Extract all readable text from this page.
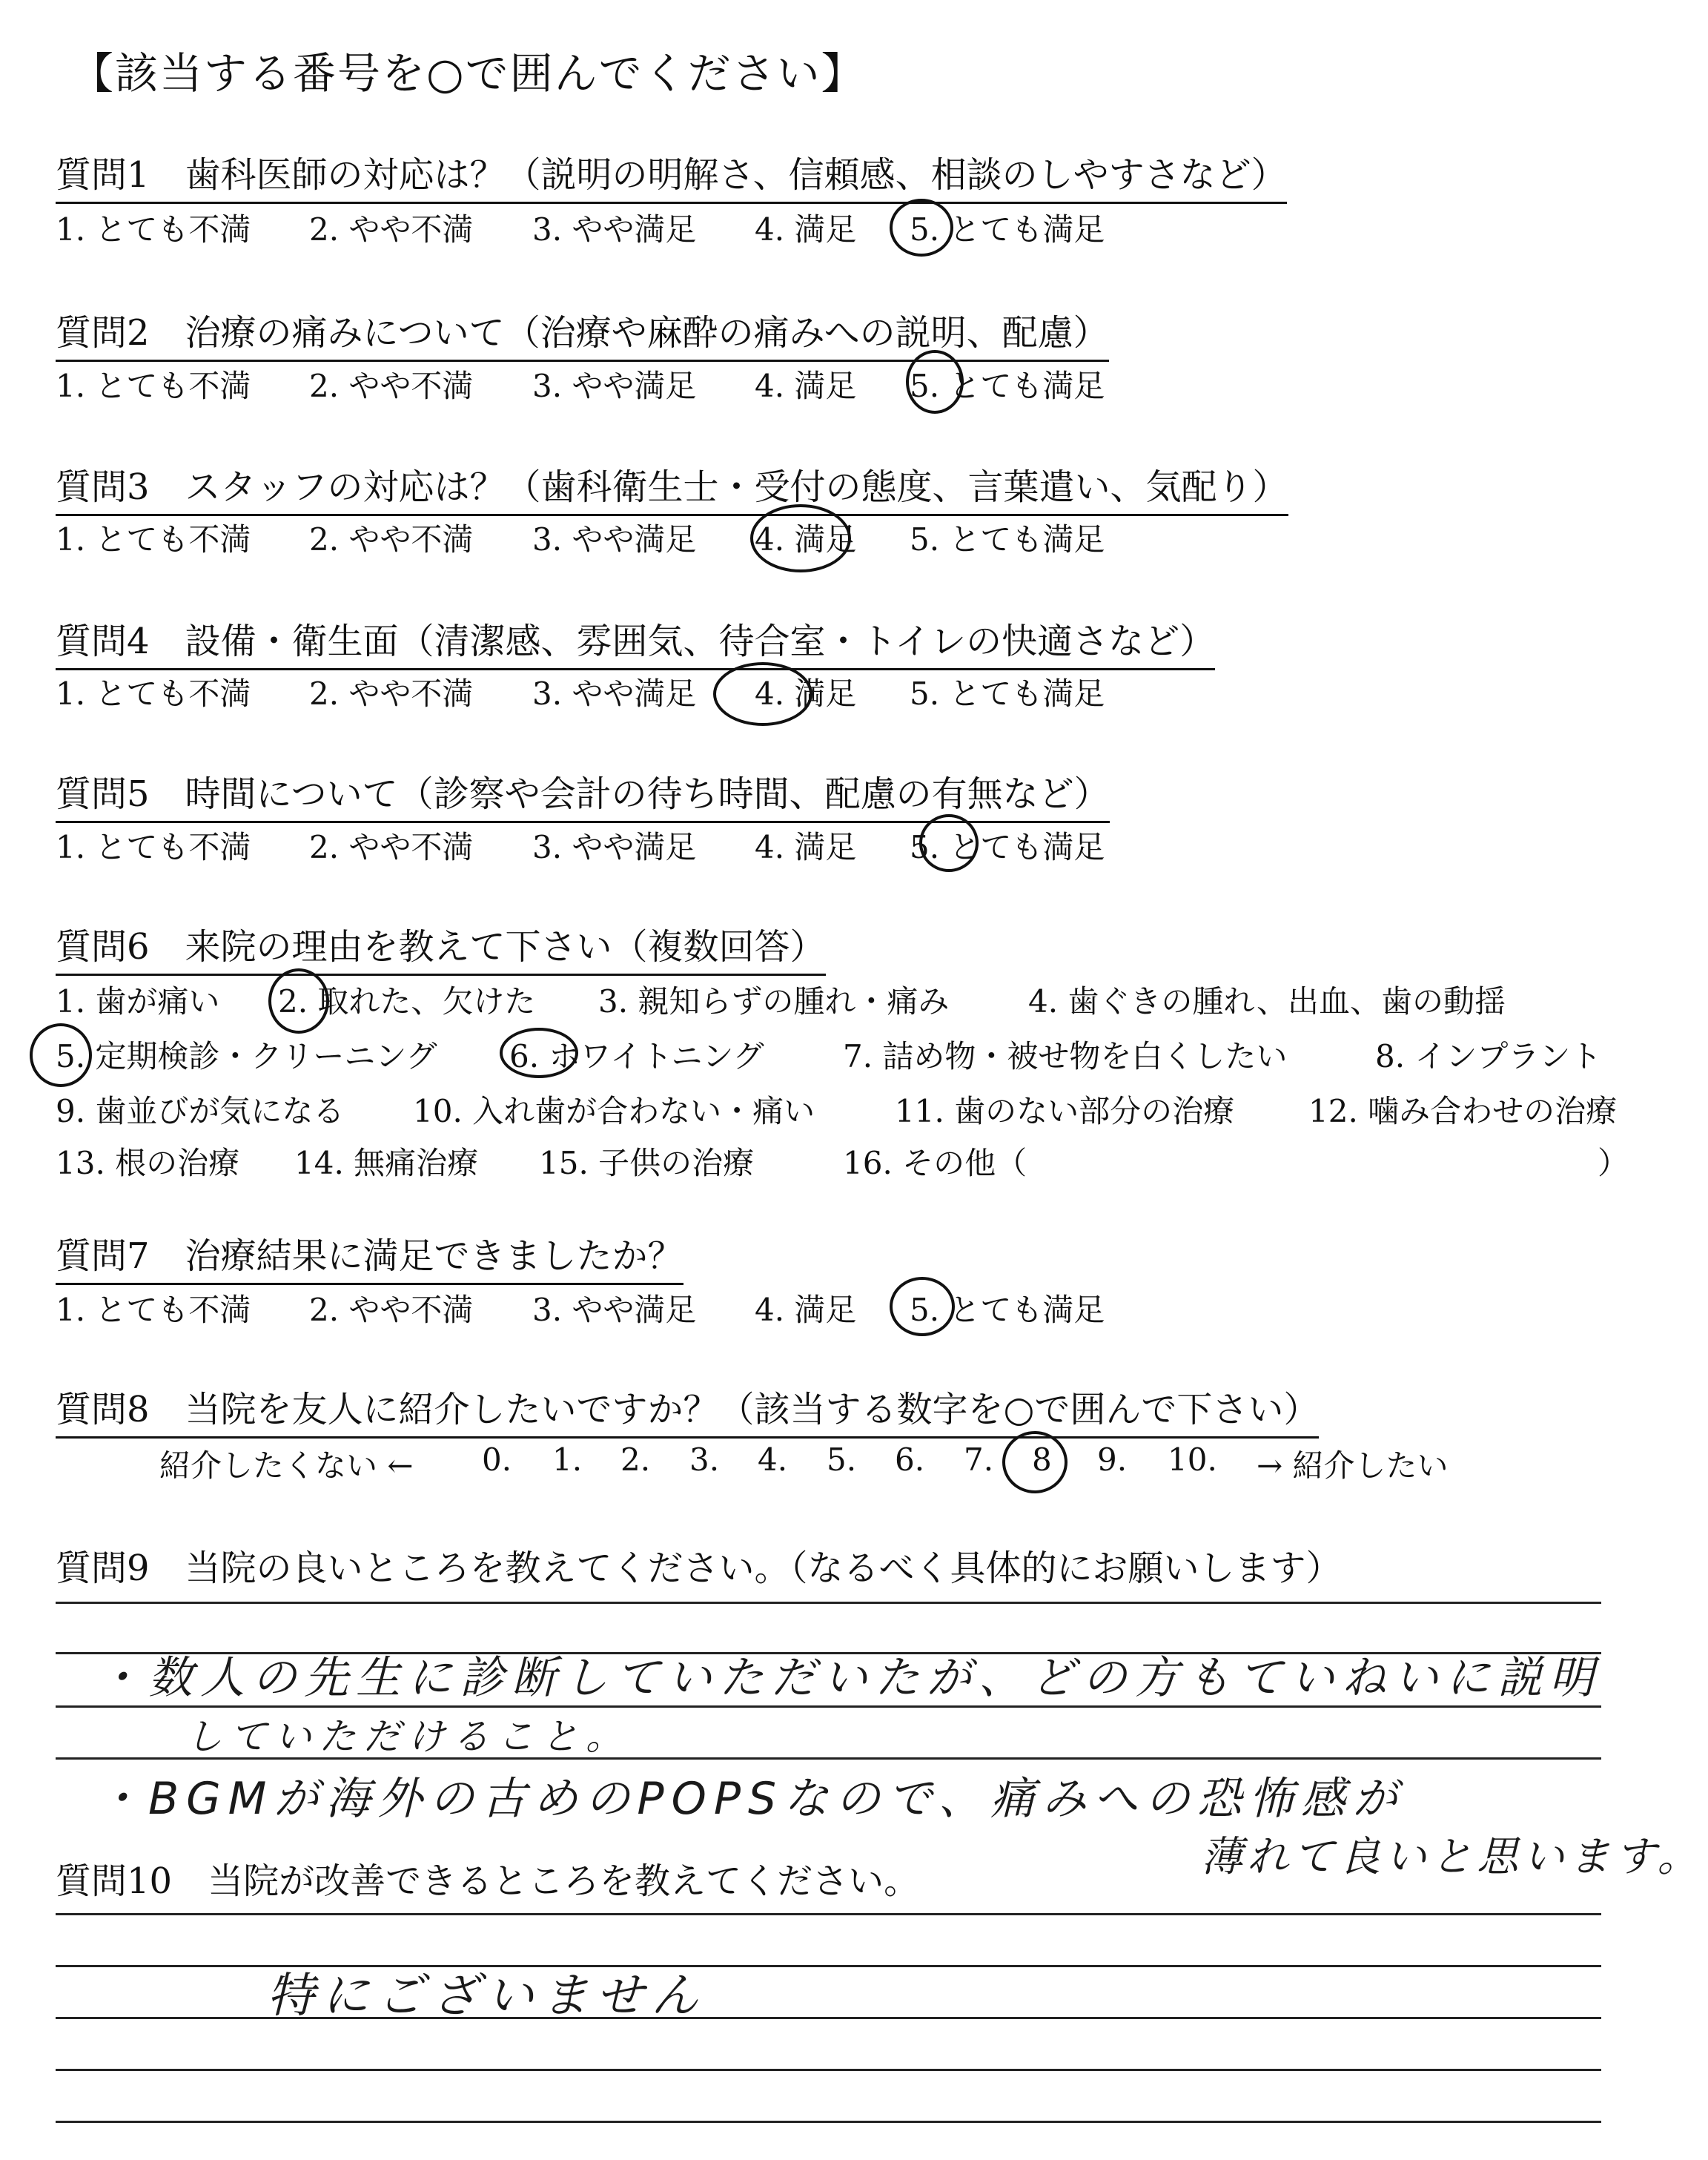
【該当する番号を○で囲んでください】
質問1　歯科医師の対応は？（説明の明解さ、信頼感、相談のしやすさなど）
1. とても不満 2. やや不満 3. やや満足 4. 満足 5. とても満足
質問2　治療の痛みについて（治療や麻酔の痛みへの説明、配慮）
1. とても不満 2. やや不満 3. やや満足 4. 満足 5. とても満足
質問3　スタッフの対応は？（歯科衛生士・受付の態度、言葉遣い、気配り）
1. とても不満 2. やや不満 3. やや満足 4. 満足 5. とても満足
質問4　設備・衛生面（清潔感、雰囲気、待合室・トイレの快適さなど）
1. とても不満 2. やや不満 3. やや満足 4. 満足 5. とても満足
質問5　時間について（診察や会計の待ち時間、配慮の有無など）
1. とても不満 2. やや不満 3. やや満足 4. 満足 5. とても満足
質問6　来院の理由を教えて下さい（複数回答）
1. 歯が痛い 2. 取れた、欠けた 3. 親知らずの腫れ・痛み	4. 歯ぐきの腫れ、出血、歯の動揺
5. 定期検診・クリーニング 6. ホワイトニング	7. 詰め物・被せ物を白くしたい	8. インプラント
9. 歯並びが気になる 10. 入れ歯が合わない・痛い	11. 歯のない部分の治療 12. 噛み合わせの治療
13. 根の治療 14. 無痛治療 15. 子供の治療	16. その他（	）
質問7　治療結果に満足できましたか？
1. とても不満 2. やや不満 3. やや満足 4. 満足 5. とても満足
質問8　当院を友人に紹介したいですか？（該当する数字を○で囲んで下さい）
紹介したくない ← 0. 1. 2. 3. 4. 5. 6. 7. 8 9. 10. → 紹介したい
質問9　当院の良いところを教えてください。（なるべく具体的にお願いします）
・数人の先生に診断していただいたが、どの方もていねいに説明
していただけること。
・BGMが海外の古めのPOPSなので、痛みへの恐怖感が
薄れて良いと思います。
質問10　当院が改善できるところを教えてください。
特にございません
